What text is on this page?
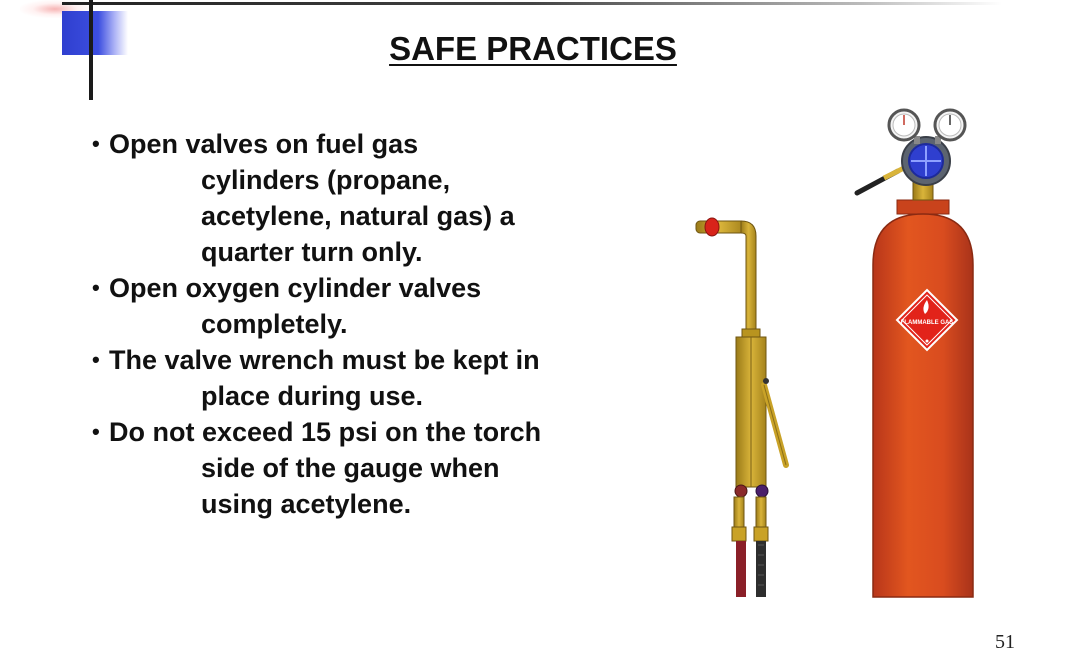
SAFE PRACTICES
• Open valves on fuel gas
cylinders (propane,
acetylene, natural gas) a
quarter turn only.
• Open oxygen cylinder valves
completely.
• The valve wrench must be kept in
place during use.
• Do not exceed 15 psi on the torch
side of the gauge when
using acetylene.
FLAMMABLE GAS
51
